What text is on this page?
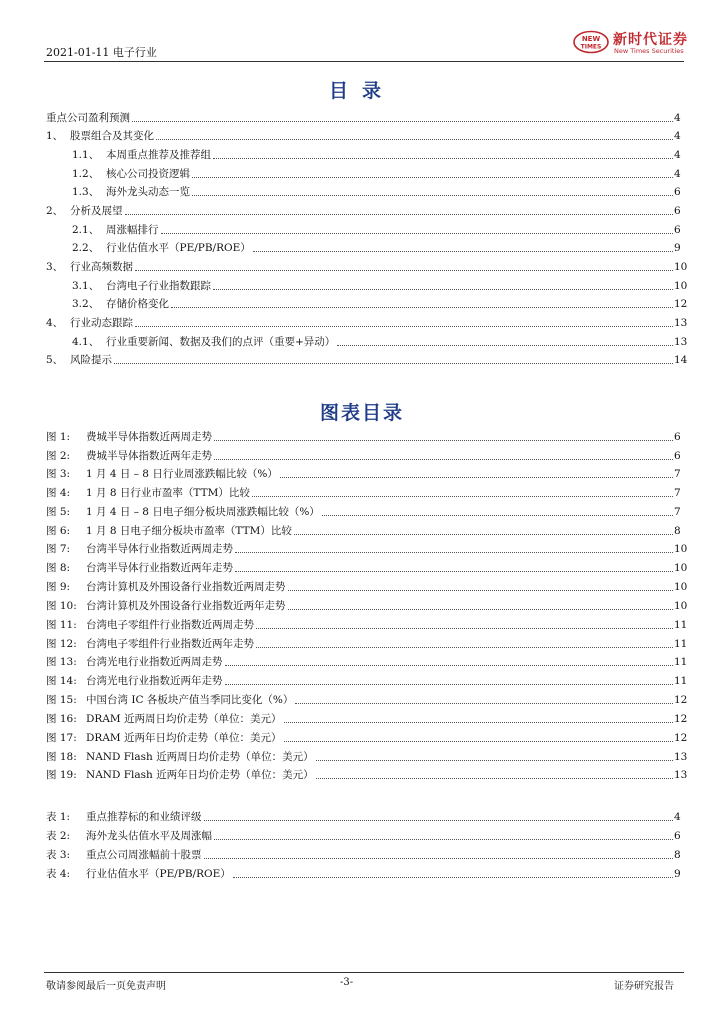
2021-01-11 电子行业
NEW
TIMES 新时代证券
New Times Securities
目录
重点公司盈利预测	4
1、 股票组合及其变化	4
1.1、 本周重点推荐及推荐组	4
1.2、 核心公司投资逻辑	4
1.3、 海外龙头动态一览	6
2、 分析及展望	6
2.1、 周涨幅排行	6
2.2、 行业估值水平（PE/PB/ROE）	9
3、 行业高频数据	10
3.1、 台湾电子行业指数跟踪	10
3.2、 存储价格变化	12
4、 行业动态跟踪	13
4.1、 行业重要新闻、数据及我们的点评（重要+异动）	13
5、 风险提示	14
图表目录
图 1:	费城半导体指数近两周走势	6
图 2:	费城半导体指数近两年走势	6
图 3:	1 月 4 日 – 8 日行业周涨跌幅比较（%）	7
图 4:	1 月 8 日行业市盈率（TTM）比较	7
图 5:	1 月 4 日 – 8 日电子细分板块周涨跌幅比较（%）	7
图 6:	1 月 8 日电子细分板块市盈率（TTM）比较	8
图 7:	台湾半导体行业指数近两周走势	10
图 8:	台湾半导体行业指数近两年走势	10
图 9:	台湾计算机及外围设备行业指数近两周走势	10
图 10: 台湾计算机及外围设备行业指数近两年走势	10
图 11: 台湾电子零组件行业指数近两周走势	11
图 12: 台湾电子零组件行业指数近两年走势	11
图 13: 台湾光电行业指数近两周走势	11
图 14: 台湾光电行业指数近两年走势	11
图 15: 中国台湾 IC 各板块产值当季同比变化（%）	12
图 16: DRAM 近两周日均价走势（单位：美元）	12
图 17: DRAM 近两年日均价走势（单位：美元）	12
图 18: NAND Flash 近两周日均价走势（单位：美元）	13
图 19: NAND Flash 近两年日均价走势（单位：美元）	13
表 1:	重点推荐标的和业绩评级	4
表 2:	海外龙头估值水平及周涨幅	6
表 3:	重点公司周涨幅前十股票	8
表 4:	行业估值水平（PE/PB/ROE）	9
敬请参阅最后一页免责声明	-3-	证券研究报告
